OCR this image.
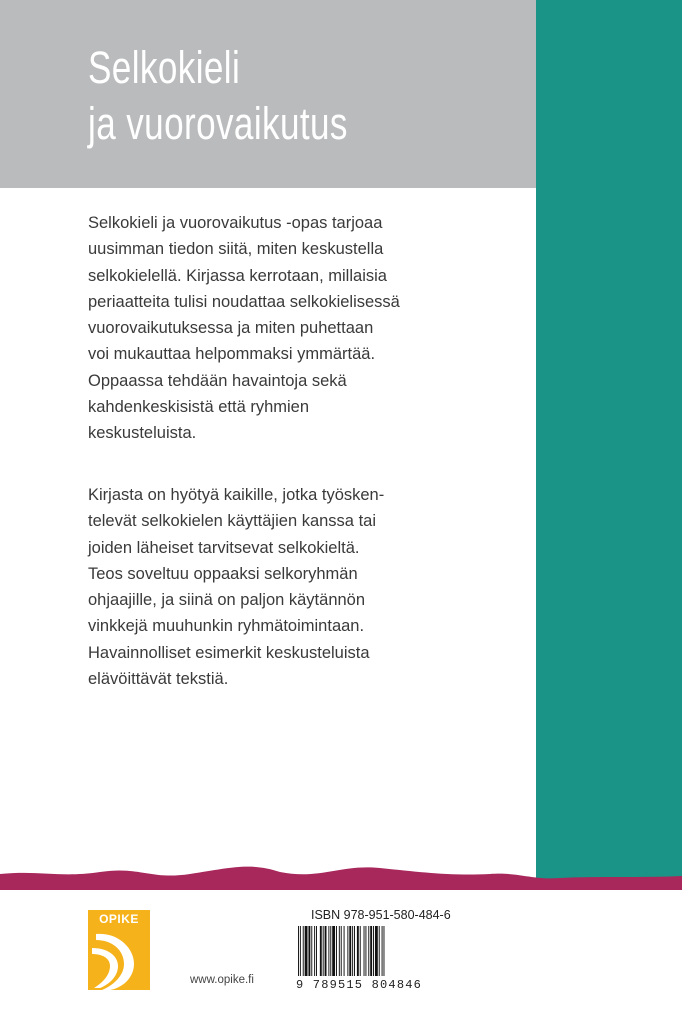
Selkokieli
ja vuorovaikutus

Selkokieli ja vuorovaikutus -opas tarjoaa
uusimman tiedon siitä, miten keskustella
selkokielellä. Kirjassa kerrotaan, millaisia
periaatteita tulisi noudattaa selkokielisessä
vuorovaikutuksessa ja miten puhettaan
voi mukauttaa helpommaksi ymmärtää.
Oppaassa tehdään havaintoja sekä
kahdenkeskisistä että ryhmien
keskusteluista.

Kirjasta on hyötyä kaikille, jotka työsken-
televät selkokielen käyttäjien kanssa tai
joiden läheiset tarvitsevat selkokieltä.
Teos soveltuu oppaaksi selkoryhmän
ohjaajille, ja siinä on paljon käytännön
vinkkejä muuhunkin ryhmätoimintaan.
Havainnolliset esimerkit keskusteluista
elävöittävät tekstiä.

OPIKE
www.opike.fi
ISBN 978-951-580-484-6
9 789515 804846
